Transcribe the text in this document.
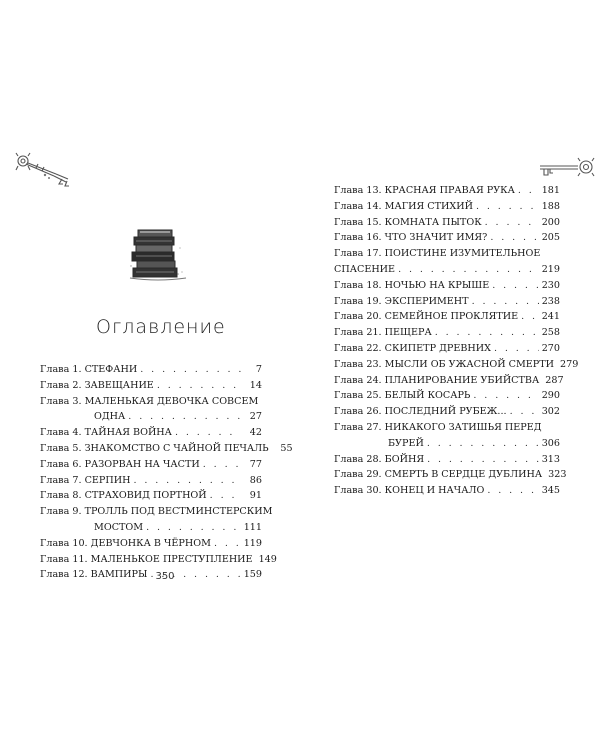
Оглавление
Глава 1.
СТЕФАНИ . . .	7
Глава 2.
ЗАВЕЩАНИЕ . . .	14
Глава 3.
МАЛЕНЬКАЯ ДЕВОЧКА СОВСЕМ
ОДНА . . .	27
Глава 4.
ТАЙНАЯ ВОЙНА . . .	42
Глава 5.
ЗНАКОМСТВО С ЧАЙНОЙ ПЕЧАЛЬ	55
Глава 6.
РАЗОРВАН НА ЧАСТИ . . .	77
Глава 7.
СЕРПИН . . .	86
Глава 8.
СТРАХОВИД ПОРТНОЙ . . .	91
Глава 9.
ТРОЛЛЬ ПОД ВЕСТМИНСТЕРСКИМ
МОСТОМ . . .	111
Глава 10.
ДЕВЧОНКА В ЧЁРНОМ . . .	119
Глава 11.
МАЛЕНЬКОЕ ПРЕСТУПЛЕНИЕ 149
Глава 12.
ВАМПИРЫ . . .	159
Глава 13.
КРАСНАЯ ПРАВАЯ РУКА . . .	181
Глава 14.
МАГИЯ СТИХИЙ . . .	188
Глава 15.
КОМНАТА ПЫТОК . . .	200
Глава 16.
ЧТО ЗНАЧИТ ИМЯ? . . .	205
Глава 17.
ПОИСТИНЕ ИЗУМИТЕЛЬНОЕ
СПАСЕНИЕ . . .	219
Глава 18.
НОЧЬЮ НА КРЫШЕ . . .	230
Глава 19.
ЭКСПЕРИМЕНТ . . .	238
Глава 20.
СЕМЕЙНОЕ ПРОКЛЯТИЕ . . . 241
Глава 21.
ПЕЩЕРА . . .	258
Глава 22.
СКИПЕТР ДРЕВНИХ . . .	270
Глава 23.
МЫСЛИ ОБ УЖАСНОЙ СМЕРТИ 279
Глава 24.
ПЛАНИРОВАНИЕ УБИЙСТВА 287
Глава 25.
БЕЛЫЙ КОСАРЬ . . .	290
Глава 26.
ПОСЛЕДНИЙ РУБЕЖ... . . .	302
Глава 27.
НИКАКОГО ЗАТИШЬЯ ПЕРЕД
БУРЕЙ . . .	306
Глава 28.
БОЙНЯ . . .	313
Глава 29.
СМЕРТЬ В СЕРДЦЕ ДУБЛИНА 323
Глава 30.
КОНЕЦ И НАЧАЛО . . .	345
350
